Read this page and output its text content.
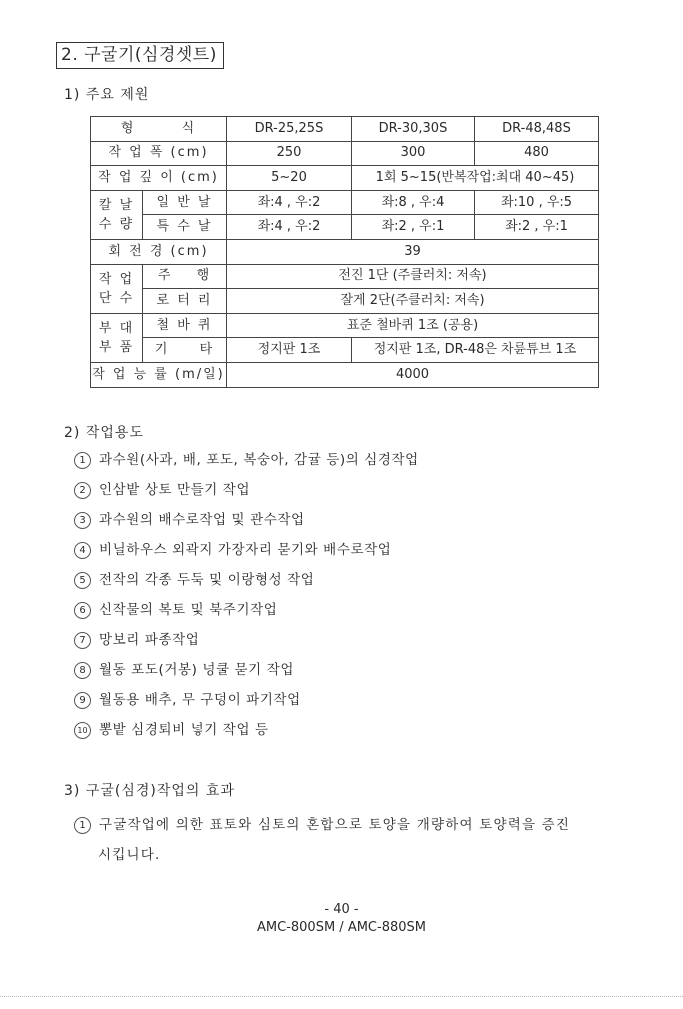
2. 구굴기(심경셋트)
1) 주요 제원
형 식		DR-25,25S	DR-30,30S	DR-48,48S
작 업 폭 (cm)		250	300	480
작 업 깊 이 (cm)		5~20	1회 5~15(반복작업:최대 40~45)	

칼 날
수 량	일 반 날	좌:4 , 우:2	좌:8 , 우:4	좌:10 , 우:5
	특 수 날	좌:4 , 우:2	좌:2 , 우:1	좌:2 , 우:1
회 전 경 (cm)		39		

작 업
단 수	주 행	전진 1단 (주클러치: 저속)		
	로 터 리	잘게 2단(주클러치: 저속)		

부 대
부 품	철 바 퀴	표준 철바퀴 1조 (공용)		
	기 타	정지판 1조	정지판 1조, DR-48은 차륜튜브 1조	
작 업 능 률 (m/일)		4000		
2) 작업용도
1 과수원(사과, 배, 포도, 복숭아, 감귤 등)의 심경작업
2 인삼밭 상토 만들기 작업
3 과수원의 배수로작업 및 관수작업
4 비닐하우스 외곽지 가장자리 묻기와 배수로작업
5 전작의 각종 두둑 및 이랑형성 작업
6 신작물의 복토 및 북주기작업
7 망보리 파종작업
8 월동 포도(거봉) 넝쿨 묻기 작업
9 월동용 배추, 무 구덩이 파기작업
10 뽕밭 심경퇴비 넣기 작업 등
3) 구굴(심경)작업의 효과
1 구굴작업에 의한 표토와 심토의 혼합으로 토양을 개량하여 토양력을 증진
시킵니다.
- 40 -
AMC-800SM / AMC-880SM
